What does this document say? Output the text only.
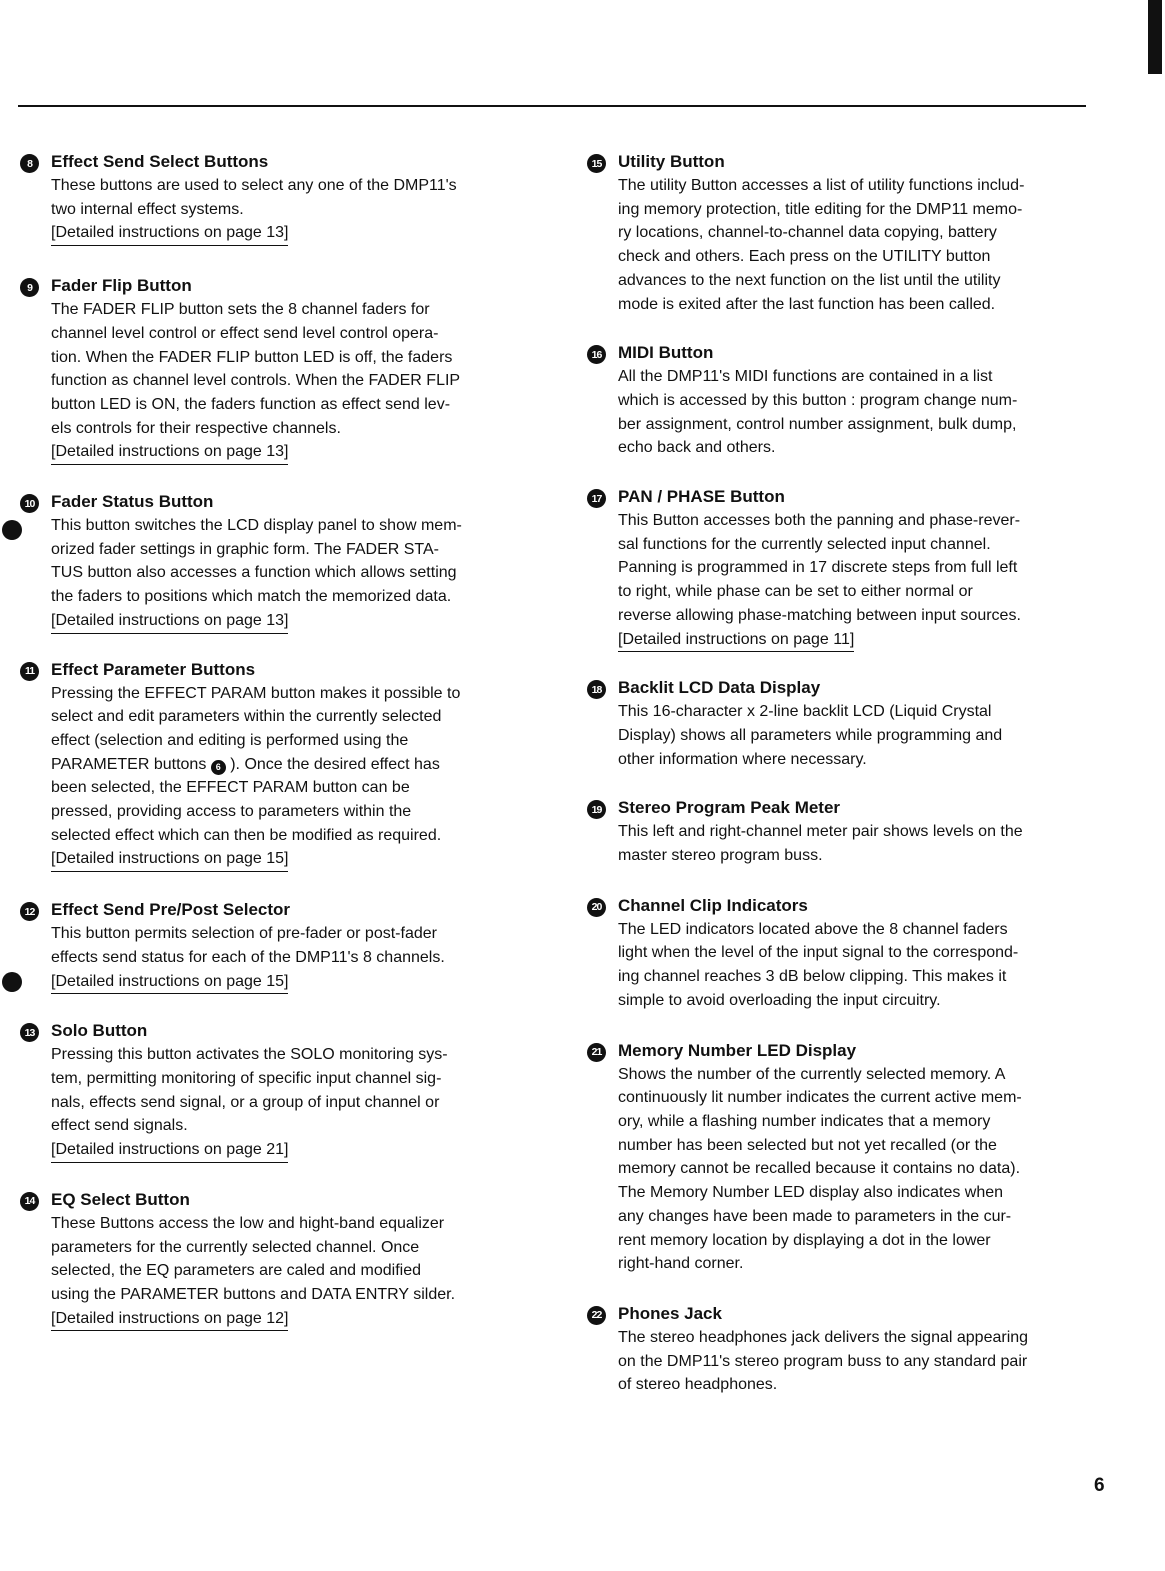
8	Effect Send Select Buttons
These buttons are used to select any one of the DMP11's
two internal effect systems.
[Detailed instructions on page 13]
9	Fader Flip Button
The FADER FLIP button sets the 8 channel faders for
channel level control or effect send level control opera-
tion. When the FADER FLIP button LED is off, the faders
function as channel level controls. When the FADER FLIP
button LED is ON, the faders function as effect send lev-
els controls for their respective channels.
[Detailed instructions on page 13]
10 Fader Status Button
This button switches the LCD display panel to show mem-
orized fader settings in graphic form. The FADER STA-
TUS button also accesses a function which allows setting
the faders to positions which match the memorized data.
[Detailed instructions on page 13]
11 Effect Parameter Buttons
Pressing the EFFECT PARAM button makes it possible to
select and edit parameters within the currently selected
effect (selection and editing is performed using the
PARAMETER buttons 6 ). Once the desired effect has
been selected, the EFFECT PARAM button can be
pressed, providing access to parameters within the
selected effect which can then be modified as required.
[Detailed instructions on page 15]
12 Effect Send Pre/Post Selector
This button permits selection of pre-fader or post-fader
effects send status for each of the DMP11's 8 channels.
[Detailed instructions on page 15]
13 Solo Button
Pressing this button activates the SOLO monitoring sys-
tem, permitting monitoring of specific input channel sig-
nals, effects send signal, or a group of input channel or
effect send signals.
[Detailed instructions on page 21]
14 EQ Select Button
These Buttons access the low and hight-band equalizer
parameters for the currently selected channel. Once
selected, the EQ parameters are caled and modified
using the PARAMETER buttons and DATA ENTRY silder.
[Detailed instructions on page 12]
15 Utility Button
The utility Button accesses a list of utility functions includ-
ing memory protection, title editing for the DMP11 memo-
ry locations, channel-to-channel data copying, battery
check and others. Each press on the UTILITY button
advances to the next function on the list until the utility
mode is exited after the last function has been called.
16 MIDI Button
All the DMP11's MIDI functions are contained in a list
which is accessed by this button : program change num-
ber assignment, control number assignment, bulk dump,
echo back and others.
17 PAN / PHASE Button
This Button accesses both the panning and phase-rever-
sal functions for the currently selected input channel.
Panning is programmed in 17 discrete steps from full left
to right, while phase can be set to either normal or
reverse allowing phase-matching between input sources.
[Detailed instructions on page 11]
18 Backlit LCD Data Display
This 16-character x 2-line backlit LCD (Liquid Crystal
Display) shows all parameters while programming and
other information where necessary.
19 Stereo Program Peak Meter
This left and right-channel meter pair shows levels on the
master stereo program buss.
20 Channel Clip Indicators
The LED indicators located above the 8 channel faders
light when the level of the input signal to the correspond-
ing channel reaches 3 dB below clipping. This makes it
simple to avoid overloading the input circuitry.
21 Memory Number LED Display
Shows the number of the currently selected memory. A
continuously lit number indicates the current active mem-
ory, while a flashing number indicates that a memory
number has been selected but not yet recalled (or the
memory cannot be recalled because it contains no data).
The Memory Number LED display also indicates when
any changes have been made to parameters in the cur-
rent memory location by displaying a dot in the lower
right-hand corner.
22 Phones Jack
The stereo headphones jack delivers the signal appearing
on the DMP11's stereo program buss to any standard pair
of stereo headphones.
6
